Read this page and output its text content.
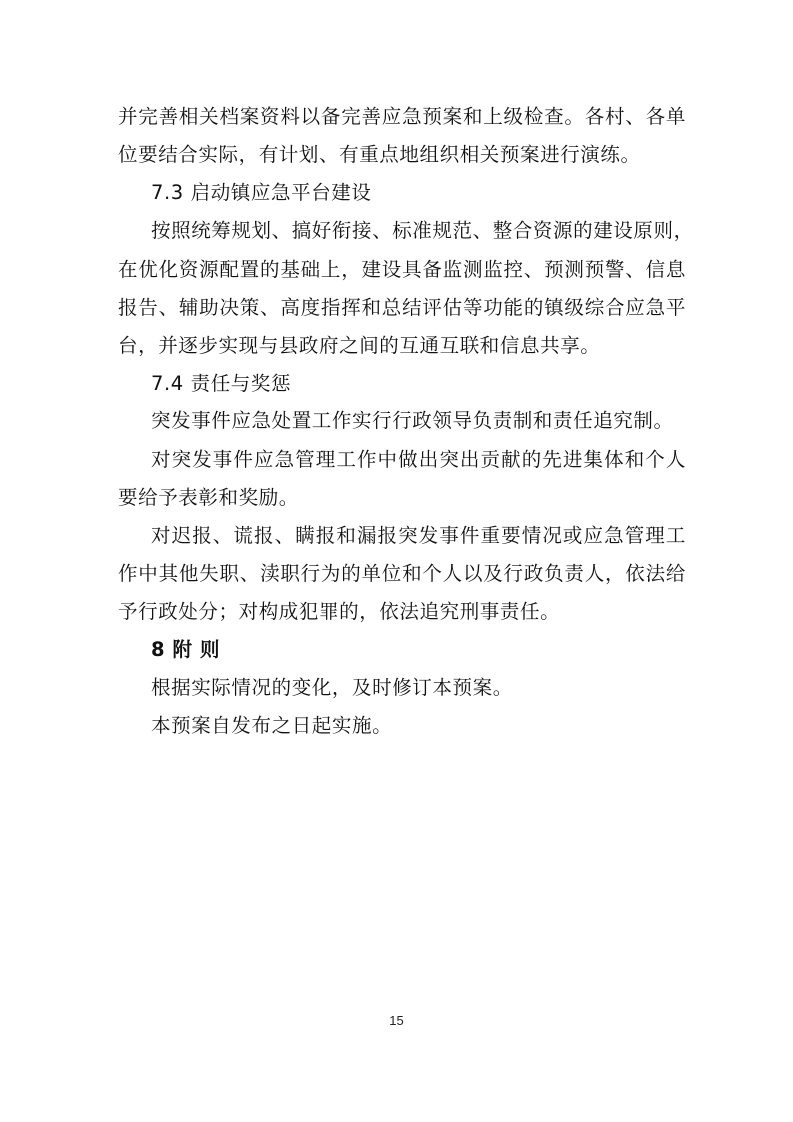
并完善相关档案资料以备完善应急预案和上级检查。各村、各单
位要结合实际，有计划、有重点地组织相关预案进行演练。
7.3 启动镇应急平台建设
按照统筹规划、搞好衔接、标准规范、整合资源的建设原则，
在优化资源配置的基础上，建设具备监测监控、预测预警、信息
报告、辅助决策、高度指挥和总结评估等功能的镇级综合应急平
台，并逐步实现与县政府之间的互通互联和信息共享。
7.4 责任与奖惩
突发事件应急处置工作实行行政领导负责制和责任追究制。
对突发事件应急管理工作中做出突出贡献的先进集体和个人
要给予表彰和奖励。
对迟报、谎报、瞒报和漏报突发事件重要情况或应急管理工
作中其他失职、渎职行为的单位和个人以及行政负责人，依法给
予行政处分；对构成犯罪的，依法追究刑事责任。
8 附 则
根据实际情况的变化，及时修订本预案。
本预案自发布之日起实施。
15
